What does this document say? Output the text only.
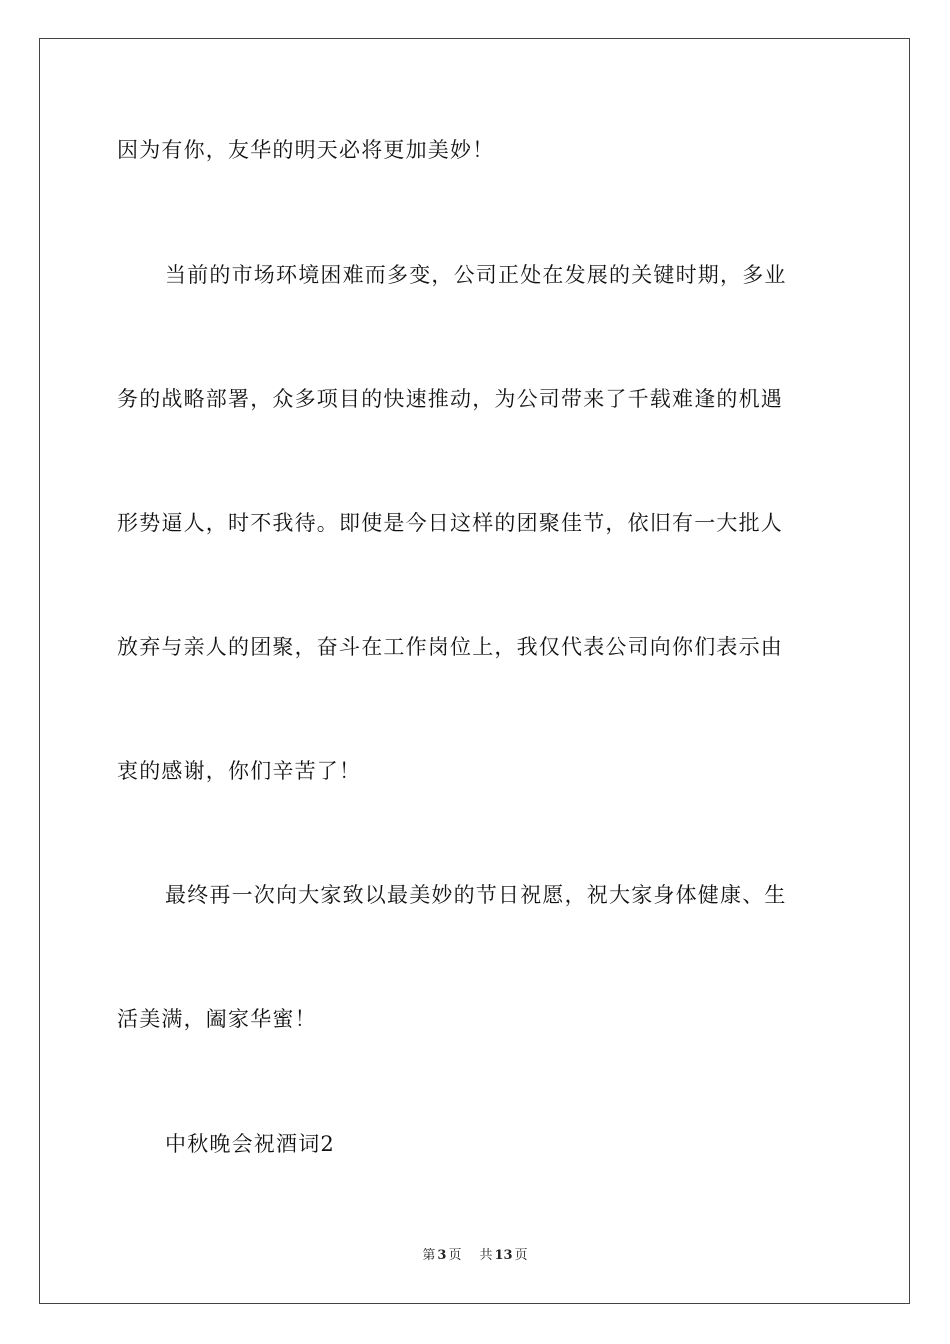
因为有你，友华的明天必将更加美妙！
当前的市场环境困难而多变，公司正处在发展的关键时期，多业
务的战略部署，众多项目的快速推动，为公司带来了千载难逢的机遇
形势逼人，时不我待。即使是今日这样的团聚佳节，依旧有一大批人
放弃与亲人的团聚，奋斗在工作岗位上，我仅代表公司向你们表示由
衷的感谢，你们辛苦了！
最终再一次向大家致以最美妙的节日祝愿，祝大家身体健康、生
活美满，阖家华蜜！
中秋晚会祝酒词2
第 3 页 共 13 页
